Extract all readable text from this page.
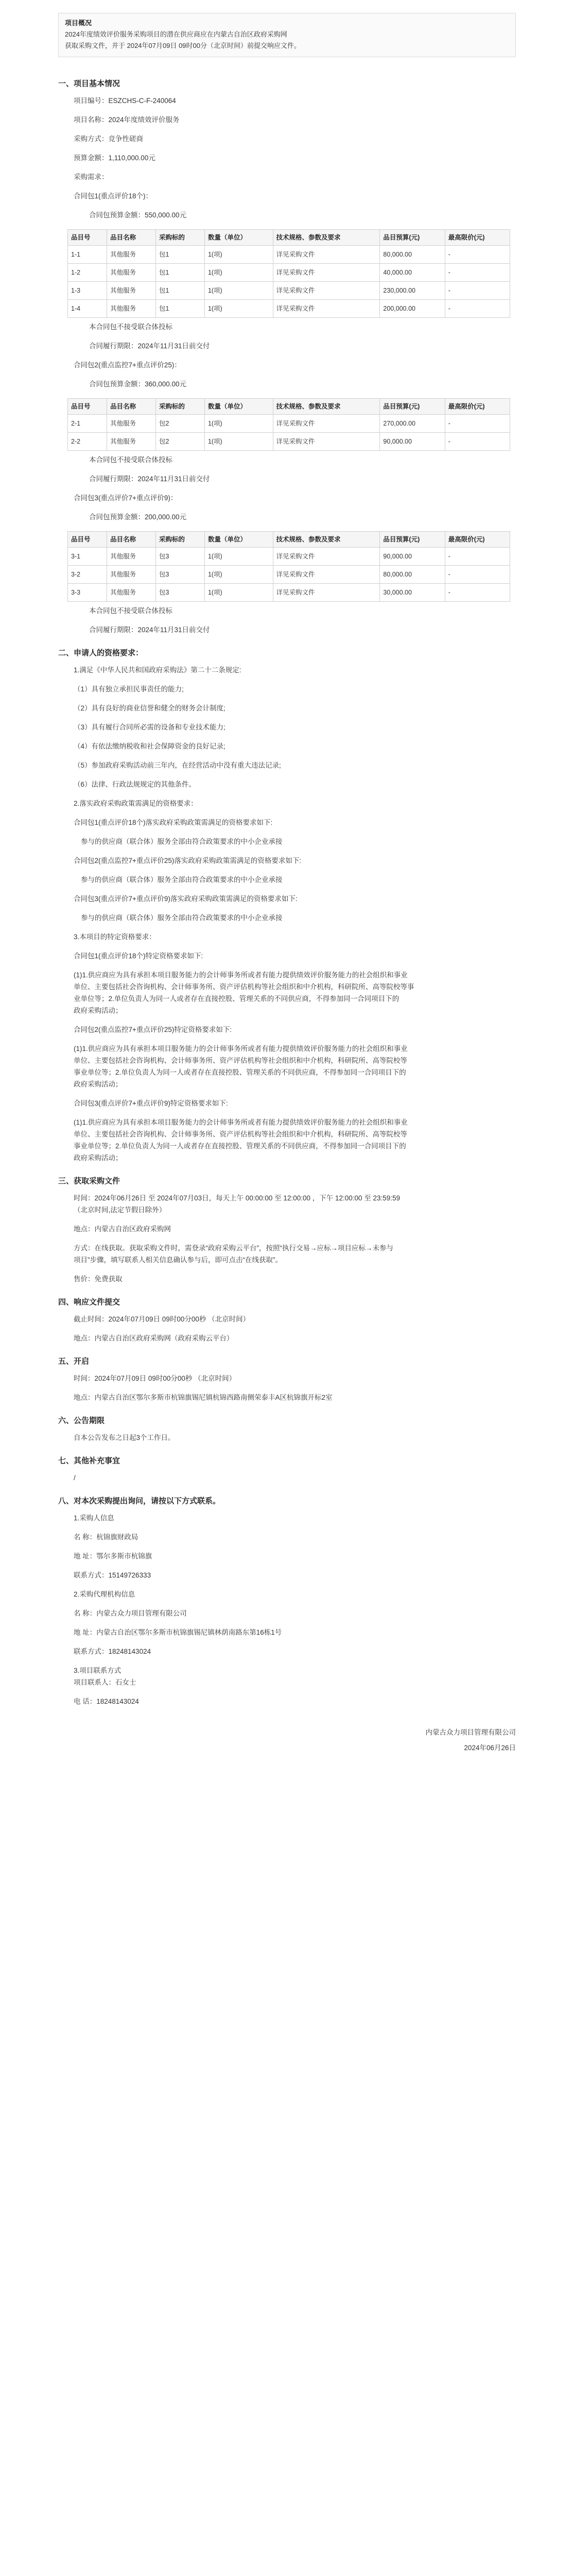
项目概况
2024年度绩效评价服务采购项目的潜在供应商应在内蒙古自治区政府采购网
获取采购文件，并于 2024年07月09日 09时00分（北京时间）前提交响应文件。
一、项目基本情况

项目编号：ESZCHS-C-F-240064

项目名称：2024年度绩效评价服务

采购方式：竞争性磋商

预算金额：1,110,000.00元

采购需求：

合同包1(重点评价18个)：

合同包预算金额：550,000.00元

品目号	品目名称	采购标的	数量（单位）	技术规格、参数及要求	品目预算(元)	最高限价(元)
1-1	其他服务	包1	1(项)	详见采购文件	80,000.00	-
1-2	其他服务	包1	1(项)	详见采购文件	40,000.00	-
1-3	其他服务	包1	1(项)	详见采购文件	230,000.00	-
1-4	其他服务	包1	1(项)	详见采购文件	200,000.00	-

本合同包不接受联合体投标

合同履行期限：2024年11月31日前交付

合同包2(重点监控7+重点评价25)：

合同包预算金额：360,000.00元

品目号	品目名称	采购标的	数量（单位）	技术规格、参数及要求	品目预算(元)	最高限价(元)
2-1	其他服务	包2	1(项)	详见采购文件	270,000.00	-
2-2	其他服务	包2	1(项)	详见采购文件	90,000.00	-

本合同包不接受联合体投标

合同履行期限：2024年11月31日前交付

合同包3(重点评价7+重点评价9)：

合同包预算金额：200,000.00元

品目号	品目名称	采购标的	数量（单位）	技术规格、参数及要求	品目预算(元)	最高限价(元)
3-1	其他服务	包3	1(项)	详见采购文件	90,000.00	-
3-2	其他服务	包3	1(项)	详见采购文件	80,000.00	-
3-3	其他服务	包3	1(项)	详见采购文件	30,000.00	-

本合同包不接受联合体投标

合同履行期限：2024年11月31日前交付

二、申请人的资格要求：

1.满足《中华人民共和国政府采购法》第二十二条规定:

（1）具有独立承担民事责任的能力;

（2）具有良好的商业信誉和健全的财务会计制度;

（3）具有履行合同所必需的设备和专业技术能力;

（4）有依法缴纳税收和社会保障资金的良好记录;

（5）参加政府采购活动前三年内，在经营活动中没有重大违法记录;

（6）法律、行政法规规定的其他条件。

2.落实政府采购政策需满足的资格要求：

合同包1(重点评价18个)落实政府采购政策需满足的资格要求如下:

参与的供应商（联合体）服务全部由符合政策要求的中小企业承接

合同包2(重点监控7+重点评价25)落实政府采购政策需满足的资格要求如下:

参与的供应商（联合体）服务全部由符合政策要求的中小企业承接

合同包3(重点评价7+重点评价9)落实政府采购政策需满足的资格要求如下:

参与的供应商（联合体）服务全部由符合政策要求的中小企业承接

3.本项目的特定资格要求：

合同包1(重点评价18个)特定资格要求如下:

(1)1.供应商应为具有承担本项目服务能力的会计师事务所或者有能力提供绩效评价服务能力的社会组织和事业

单位、主要包括社会咨询机构、会计师事务所、资产评估机构等社会组织和中介机构，科研院所、高等院校等事

业单位等；2.单位负责人为同一人或者存在直接控股、管理关系的不同供应商，不得参加同一合同项目下的

政府采购活动；

合同包2(重点监控7+重点评价25)特定资格要求如下:

(1)1.供应商应为具有承担本项目服务能力的会计师事务所或者有能力提供绩效评价服务能力的社会组织和事业

单位、主要包括社会咨询机构、会计师事务所、资产评估机构等社会组织和中介机构，科研院所、高等院校等

事业单位等；2.单位负责人为同一人或者存在直接控股、管理关系的不同供应商，不得参加同一合同项目下的

政府采购活动；

合同包3(重点评价7+重点评价9)特定资格要求如下:

(1)1.供应商应为具有承担本项目服务能力的会计师事务所或者有能力提供绩效评价服务能力的社会组织和事业

单位、主要包括社会咨询机构、会计师事务所、资产评估机构等社会组织和中介机构，科研院所、高等院校等

事业单位等；2.单位负责人为同一人或者存在直接控股、管理关系的不同供应商，不得参加同一合同项目下的

政府采购活动；

三、获取采购文件

时间：2024年06月26日 至 2024年07月03日，每天上午 00:00:00 至 12:00:00 ，下午 12:00:00 至 23:59:59

（北京时间,法定节假日除外）

地点：内蒙古自治区政府采购网

方式：在线获取。获取采购文件时，需登录“政府采购云平台”，按照“执行交易→应标→项目应标→未参与

项目”步骤，填写联系人相关信息确认参与后，即可点击“在线获取”。

售价：免费获取

四、响应文件提交

截止时间：2024年07月09日 09时00分00秒 （北京时间）

地点：内蒙古自治区政府采购网（政府采购云平台）

五、开启

时间：2024年07月09日 09时00分00秒 （北京时间）

地点：内蒙古自治区鄂尔多斯市杭锦旗锡尼镇杭锦西路南侧荣泰丰A区杭锦旗开标2室

六、公告期限

自本公告发布之日起3个工作日。

七、其他补充事宜

/

八、对本次采购提出询问，请按以下方式联系。

1.采购人信息

名 称：杭锦旗财政局

地 址：鄂尔多斯市杭锦旗

联系方式：15149726333

2.采购代理机构信息

名 称：内蒙古众力项目管理有限公司

地 址：内蒙古自治区鄂尔多斯市杭锦旗锡尼镇林荫南路东第16栋1号

联系方式：18248143024

3.项目联系方式

项目联系人：石女士

电 话：18248143024

内蒙古众力项目管理有限公司
2024年06月26日
